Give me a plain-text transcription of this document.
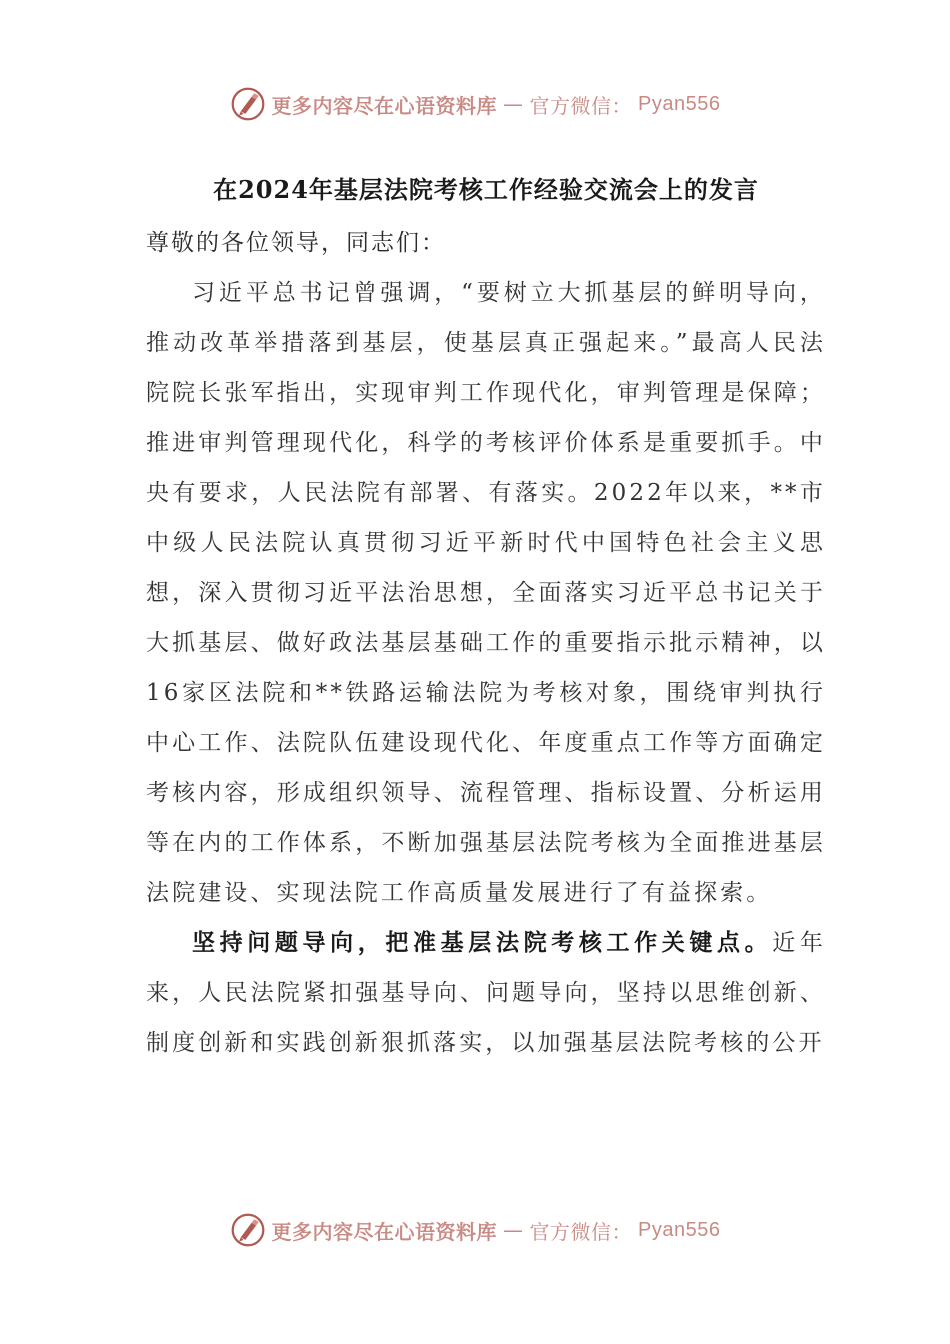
更多内容尽在心语资料库 — 官方微信： Pyan556
在2024年基层法院考核工作经验交流会上的发言

尊敬的各位领导，同志们：

习近平总书记曾强调，“要树立大抓基层的鲜明导向，推动改革举措落到基层，使基层真正强起来。”最高人民法院院长张军指出，实现审判工作现代化，审判管理是保障；推进审判管理现代化，科学的考核评价体系是重要抓手。中央有要求，人民法院有部署、有落实。2022年以来，**市中级人民法院认真贯彻习近平新时代中国特色社会主义思想，深入贯彻习近平法治思想，全面落实习近平总书记关于大抓基层、做好政法基层基础工作的重要指示批示精神，以16家区法院和**铁路运输法院为考核对象，围绕审判执行中心工作、法院队伍建设现代化、年度重点工作等方面确定考核内容，形成组织领导、流程管理、指标设置、分析运用等在内的工作体系，不断加强基层法院考核为全面推进基层法院建设、实现法院工作高质量发展进行了有益探索。

坚持问题导向，把准基层法院考核工作关键点。近年来，人民法院紧扣强基导向、问题导向，坚持以思维创新、制度创新和实践创新狠抓落实，以加强基层法院考核的公开

更多内容尽在心语资料库 — 官方微信： Pyan556
